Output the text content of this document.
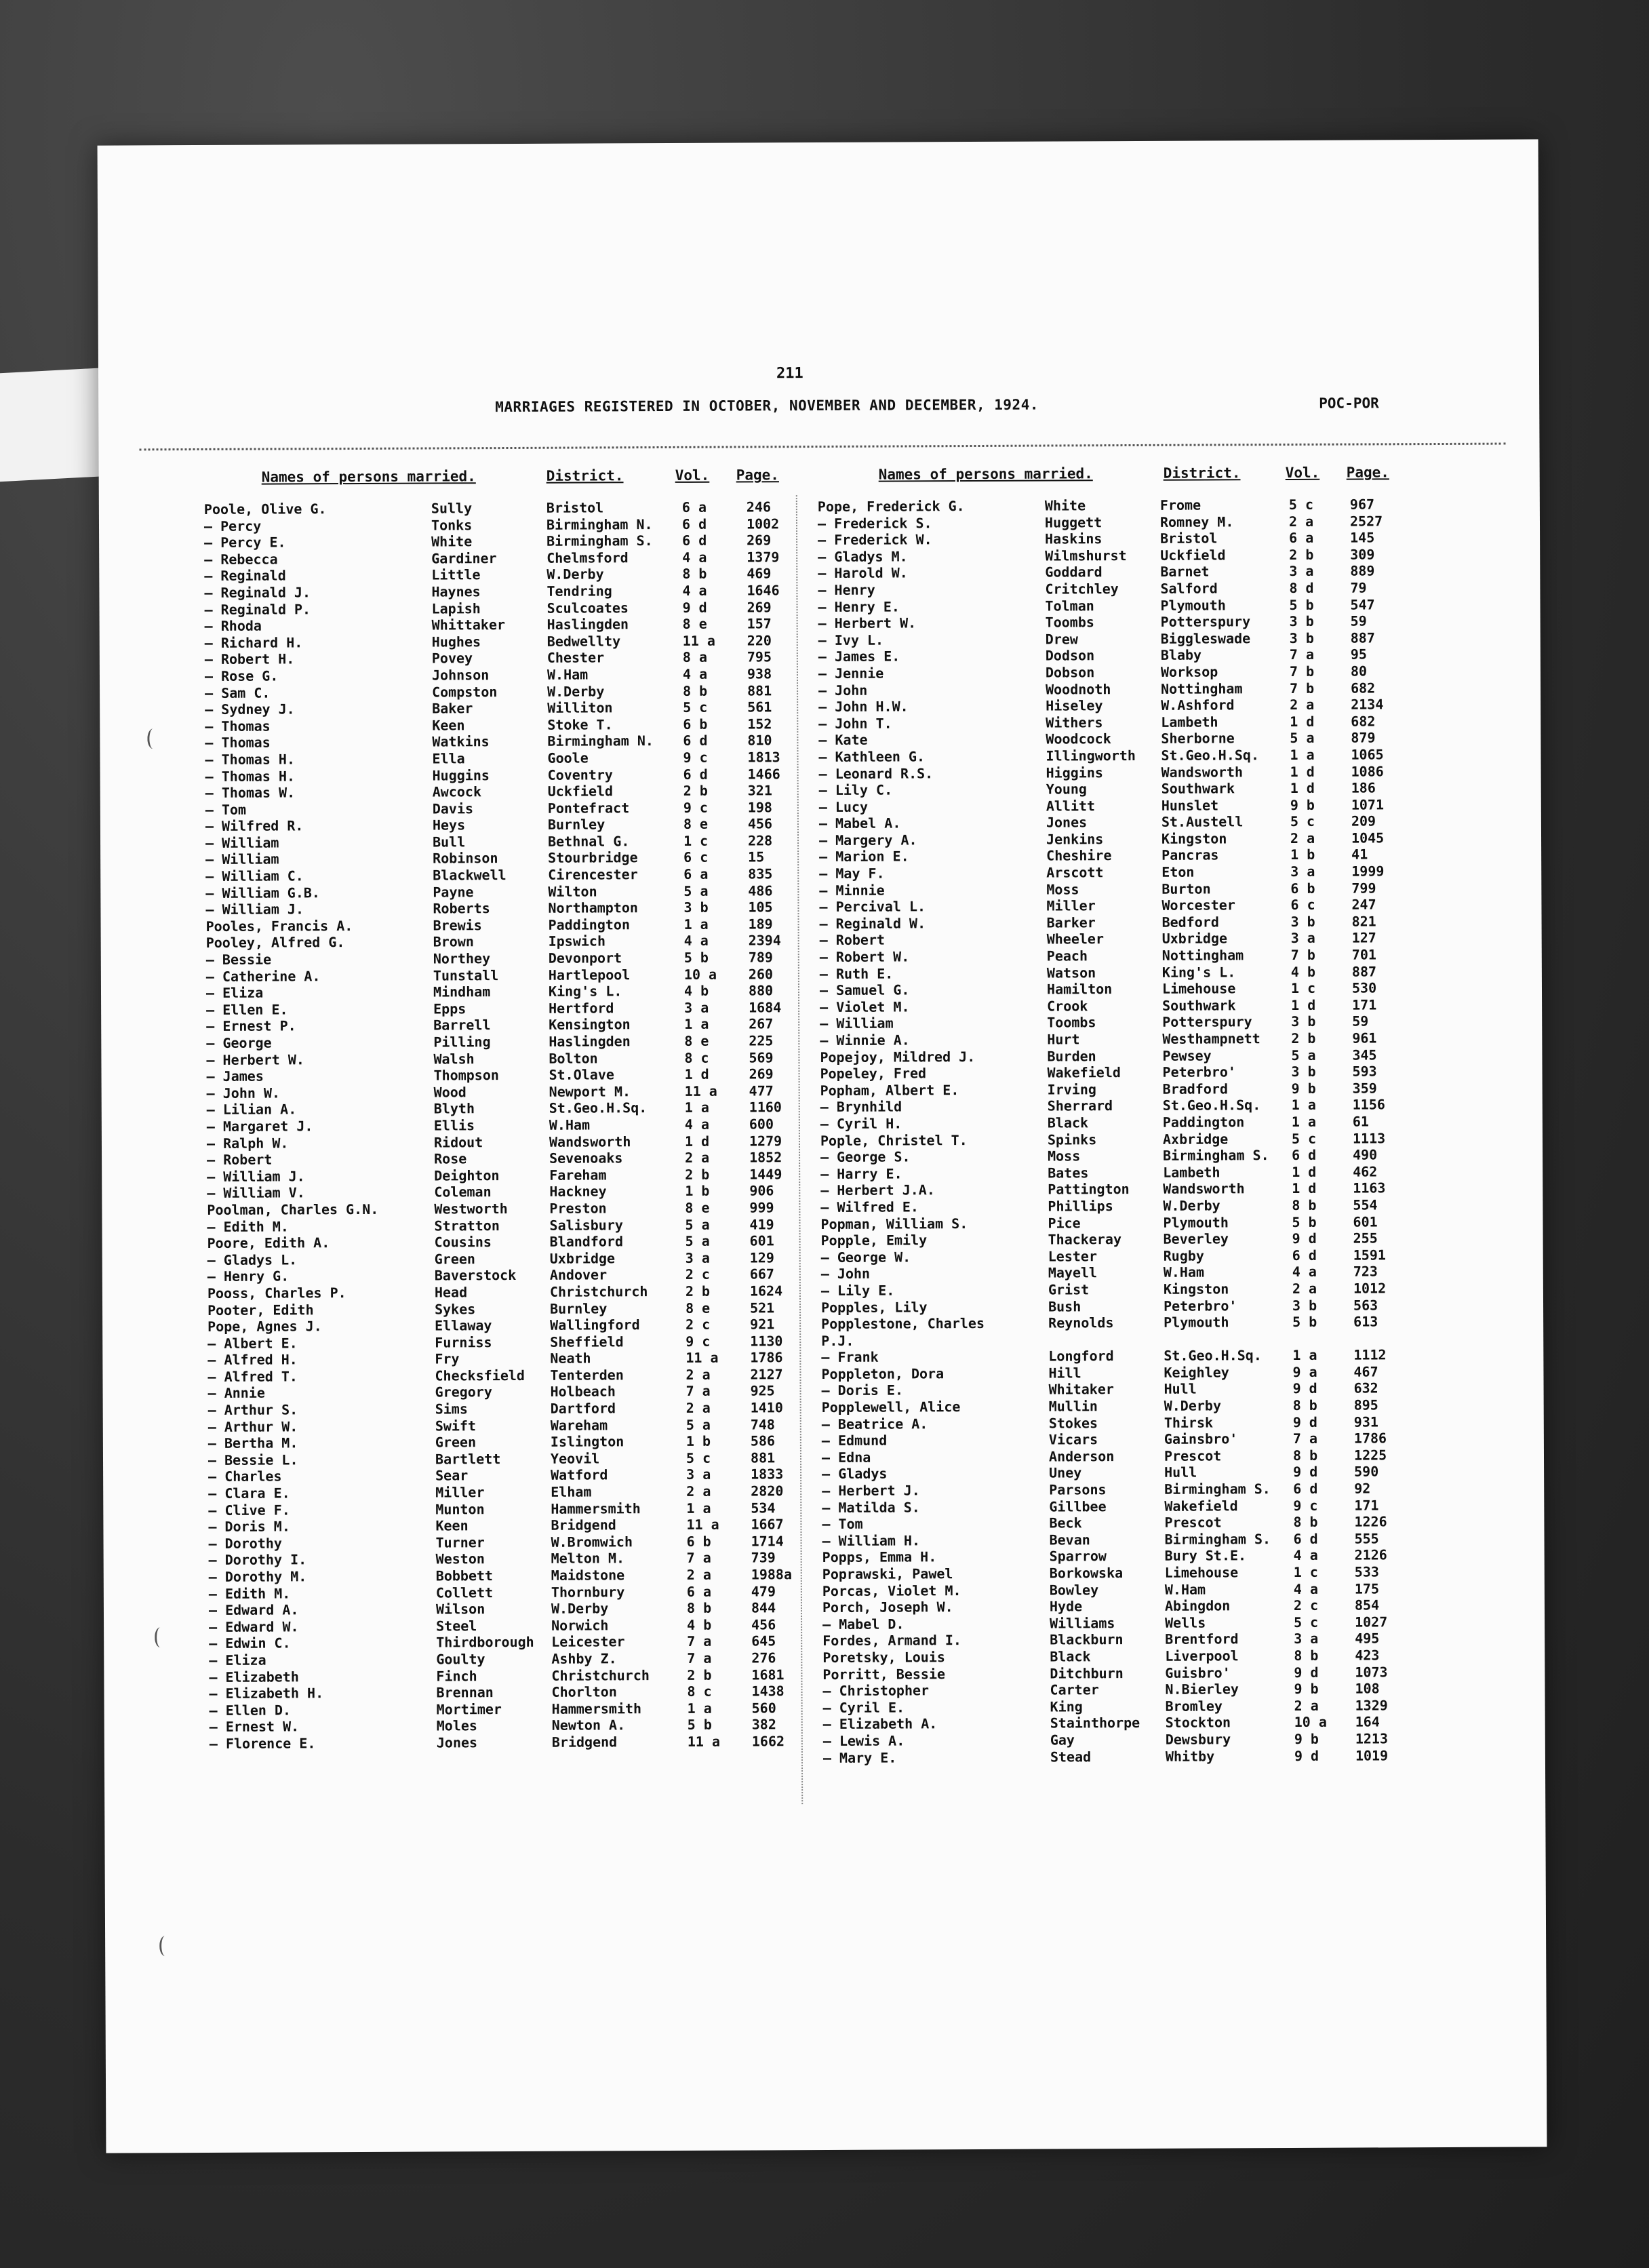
211
MARRIAGES REGISTERED IN OCTOBER, NOVEMBER AND DECEMBER, 1924.	POC-POR
Names of persons married.	District.	Vol. Page.	Names of persons married.	District.	Vol. Page.
Poole, Olive G.	Sully	Bristol	6 a	246
— Percy	Tonks	Birmingham N. 6 d	1002
— Percy E.	White	Birmingham S. 6 d	269
— Rebecca	Gardiner	Chelmsford	4 a	1379
— Reginald	Little	W.Derby	8 b	469
— Reginald J.	Haynes	Tendring	4 a	1646
— Reginald P.	Lapish	Sculcoates	9 d	269
— Rhoda	Whittaker	Haslingden	8 e	157
— Richard H.	Hughes	Bedwellty	11 a 220
— Robert H.	Povey	Chester	8 a	795
— Rose G.	Johnson	W.Ham	4 a	938
— Sam C.	Compston	W.Derby	8 b	881
— Sydney J.	Baker	Williton	5 c	561
— Thomas	Keen	Stoke T.	6 b	152
— Thomas	Watkins	Birmingham N. 6 d	810
— Thomas H.	Ella	Goole	9 c	1813
— Thomas H.	Huggins	Coventry	6 d	1466
— Thomas W.	Awcock	Uckfield	2 b	321
— Tom	Davis	Pontefract	9 c	198
— Wilfred R.	Heys	Burnley	8 e	456
— William	Bull	Bethnal G.	1 c	228
— William	Robinson	Stourbridge	6 c	15
— William C.	Blackwell	Cirencester	6 a	835
— William G.B.	Payne	Wilton	5 a	486
— William J.	Roberts	Northampton	3 b	105
Pooles, Francis A.	Brewis	Paddington	1 a	189
Pooley, Alfred G.	Brown	Ipswich	4 a	2394
— Bessie	Northey	Devonport	5 b	789
— Catherine A.	Tunstall	Hartlepool	10 a 260
— Eliza	Mindham	King's L.	4 b	880
— Ellen E.	Epps	Hertford	3 a	1684
— Ernest P.	Barrell	Kensington	1 a	267
— George	Pilling	Haslingden	8 e	225
— Herbert W.	Walsh	Bolton	8 c	569
— James	Thompson	St.Olave	1 d	269
— John W.	Wood	Newport M.	11 a 477
— Lilian A.	Blyth	St.Geo.H.Sq.	1 a	1160
— Margaret J.	Ellis	W.Ham	4 a	600
— Ralph W.	Ridout	Wandsworth	1 d	1279
— Robert	Rose	Sevenoaks	2 a	1852
— William J.	Deighton	Fareham	2 b	1449
— William V.	Coleman	Hackney	1 b	906
Poolman, Charles G.N.	Westworth	Preston	8 e	999
— Edith M.	Stratton	Salisbury	5 a	419
Poore, Edith A.	Cousins	Blandford	5 a	601
— Gladys L.	Green	Uxbridge	3 a	129
— Henry G.	Baverstock Andover	2 c	667
Pooss, Charles P.	Head	Christchurch	2 b	1624
Pooter, Edith	Sykes	Burnley	8 e	521
Pope, Agnes J.	Ellaway	Wallingford	2 c	921
— Albert E.	Furniss	Sheffield	9 c	1130
— Alfred H.	Fry	Neath	11 a 1786
— Alfred T.	Checksfield Tenterden	2 a	2127
— Annie	Gregory	Holbeach	7 a	925
— Arthur S.	Sims	Dartford	2 a	1410
— Arthur W.	Swift	Wareham	5 a	748
— Bertha M.	Green	Islington	1 b	586
— Bessie L.	Bartlett	Yeovil	5 c	881
— Charles	Sear	Watford	3 a	1833
— Clara E.	Miller	Elham	2 a	2820
— Clive F.	Munton	Hammersmith	1 a	534
— Doris M.	Keen	Bridgend	11 a 1667
— Dorothy	Turner	W.Bromwich	6 b	1714
— Dorothy I.	Weston	Melton M.	7 a	739
— Dorothy M.	Bobbett	Maidstone	2 a	1988a
— Edith M.	Collett	Thornbury	6 a	479
— Edward A.	Wilson	W.Derby	8 b	844
— Edward W.	Steel	Norwich	4 b	456
— Edwin C.	Thirdborough Leicester	7 a	645
— Eliza	Goulty	Ashby Z.	7 a	276
— Elizabeth	Finch	Christchurch	2 b	1681
— Elizabeth H.	Brennan	Chorlton	8 c	1438
— Ellen D.	Mortimer	Hammersmith	1 a	560
— Ernest W.	Moles	Newton A.	5 b	382
— Florence E.	Jones	Bridgend	11 a 1662
Pope, Frederick G.	White	Frome	5 c	967
— Frederick S.	Huggett	Romney M.	2 a	2527
— Frederick W.	Haskins	Bristol	6 a	145
— Gladys M.	Wilmshurst Uckfield	2 b	309
— Harold W.	Goddard	Barnet	3 a	889
— Henry	Critchley	Salford	8 d	79
— Henry E.	Tolman	Plymouth	5 b	547
— Herbert W.	Toombs	Potterspury	3 b	59
— Ivy L.	Drew	Biggleswade	3 b	887
— James E.	Dodson	Blaby	7 a	95
— Jennie	Dobson	Worksop	7 b	80
— John	Woodnoth	Nottingham	7 b	682
— John H.W.	Hiseley	W.Ashford	2 a	2134
— John T.	Withers	Lambeth	1 d	682
— Kate	Woodcock	Sherborne	5 a	879
— Kathleen G.	Illingworth St.Geo.H.Sq. 1 a	1065
— Leonard R.S.	Higgins	Wandsworth	1 d	1086
— Lily C.	Young	Southwark	1 d	186
— Lucy	Allitt	Hunslet	9 b	1071
— Mabel A.	Jones	St.Austell	5 c	209
— Margery A.	Jenkins	Kingston	2 a	1045
— Marion E.	Cheshire	Pancras	1 b	41
— May F.	Arscott	Eton	3 a	1999
— Minnie	Moss	Burton	6 b	799
— Percival L.	Miller	Worcester	6 c	247
— Reginald W.	Barker	Bedford	3 b	821
— Robert	Wheeler	Uxbridge	3 a	127
— Robert W.	Peach	Nottingham	7 b	701
— Ruth E.	Watson	King's L.	4 b	887
— Samuel G.	Hamilton	Limehouse	1 c	530
— Violet M.	Crook	Southwark	1 d	171
— William	Toombs	Potterspury	3 b	59
— Winnie A.	Hurt	Westhampnett 2 b	961
Popejoy, Mildred J.	Burden	Pewsey	5 a	345
Popeley, Fred	Wakefield	Peterbro'	3 b	593
Popham, Albert E.	Irving	Bradford	9 b	359
— Brynhild	Sherrard	St.Geo.H.Sq. 1 a	1156
— Cyril H.	Black	Paddington	1 a	61
Pople, Christel T.	Spinks	Axbridge	5 c	1113
— George S.	Moss	Birmingham S. 6 d	490
— Harry E.	Bates	Lambeth	1 d	462
— Herbert J.A.	Pattington Wandsworth	1 d	1163
— Wilfred E.	Phillips	W.Derby	8 b	554
Popman, William S.	Pice	Plymouth	5 b	601
Popple, Emily	Thackeray	Beverley	9 d	255
— George W.	Lester	Rugby	6 d	1591
— John	Mayell	W.Ham	4 a	723
— Lily E.	Grist	Kingston	2 a	1012
Popples, Lily	Bush	Peterbro'	3 b	563
Popplestone, Charles	Reynolds	Plymouth	5 b	613
P.J.
— Frank	Longford	St.Geo.H.Sq. 1 a	1112
Poppleton, Dora	Hill	Keighley	9 a	467
— Doris E.	Whitaker	Hull	9 d	632
Popplewell, Alice	Mullin	W.Derby	8 b	895
— Beatrice A.	Stokes	Thirsk	9 d	931
— Edmund	Vicars	Gainsbro'	7 a	1786
— Edna	Anderson	Prescot	8 b	1225
— Gladys	Uney	Hull	9 d	590
— Herbert J.	Parsons	Birmingham S. 6 d	92
— Matilda S.	Gillbee	Wakefield	9 c	171
— Tom	Beck	Prescot	8 b	1226
— William H.	Bevan	Birmingham S. 6 d	555
Popps, Emma H.	Sparrow	Bury St.E.	4 a	2126
Poprawski, Pawel	Borkowska	Limehouse	1 c	533
Porcas, Violet M.	Bowley	W.Ham	4 a	175
Porch, Joseph W.	Hyde	Abingdon	2 c	854
— Mabel D.	Williams	Wells	5 c	1027
Fordes, Armand I.	Blackburn	Brentford	3 a	495
Poretsky, Louis	Black	Liverpool	8 b	423
Porritt, Bessie	Ditchburn	Guisbro'	9 d	1073
— Christopher	Carter	N.Bierley	9 b	108
— Cyril E.	King	Bromley	2 a	1329
— Elizabeth A.	Stainthorpe Stockton	10 a 164
— Lewis A.	Gay	Dewsbury	9 b	1213
— Mary E.	Stead	Whitby	9 d	1019
